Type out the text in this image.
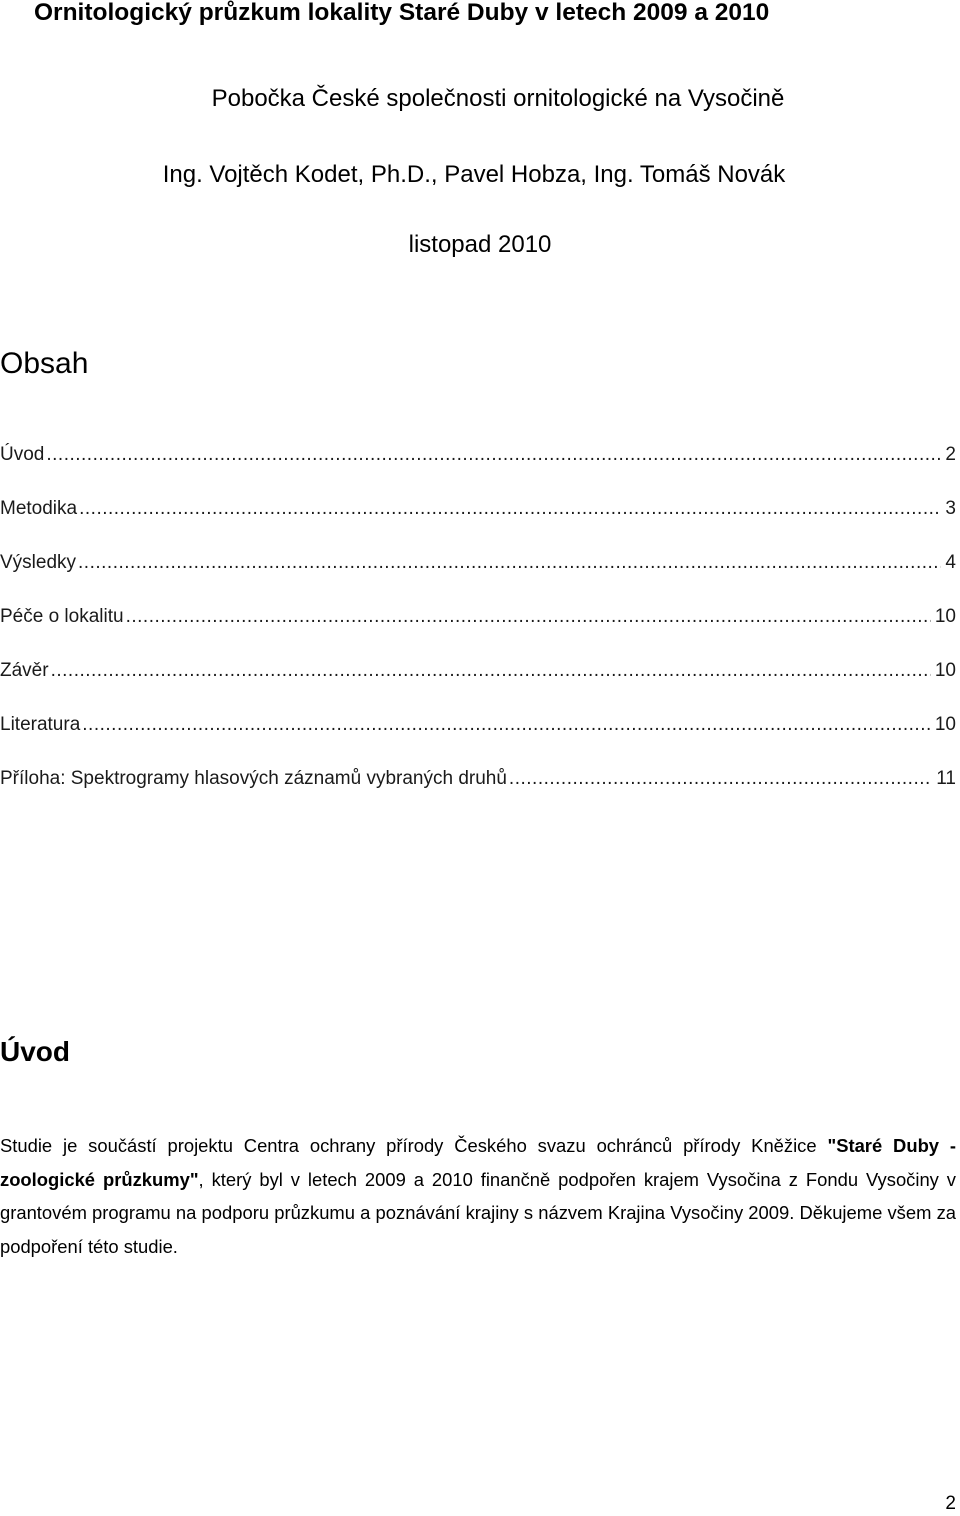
Ornitologický průzkum lokality Staré Duby v letech 2009 a 2010
Pobočka České společnosti ornitologické na Vysočině
Ing. Vojtěch Kodet, Ph.D., Pavel Hobza, Ing. Tomáš Novák
listopad 2010
Obsah
Úvod .....	2
Metodika .....	3
Výsledky .....	4
Péče o lokalitu .....	10
Závěr .....	10
Literatura .....	10
Příloha: Spektrogramy hlasových záznamů vybraných druhů .....	11
Úvod
Studie je součástí projektu Centra ochrany přírody Českého svazu ochránců přírody Kněžice "Staré Duby - zoologické průzkumy", který byl v letech 2009 a 2010 finančně podpořen krajem Vysočina z Fondu Vysočiny v grantovém programu na podporu průzkumu a poznávání krajiny s názvem Krajina Vysočiny 2009. Děkujeme všem za podpoření této studie.
2
